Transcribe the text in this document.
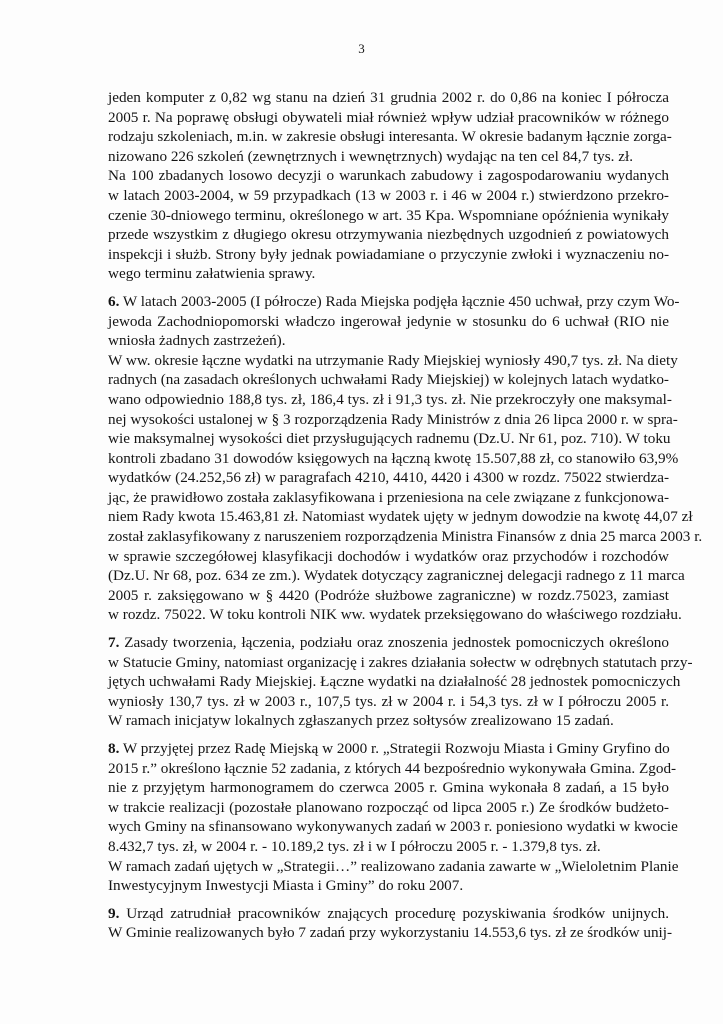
3
jeden komputer z 0,82 wg stanu na dzień 31 grudnia 2002 r. do 0,86 na koniec I półrocza
2005 r. Na poprawę obsługi obywateli miał również wpływ udział pracowników w różnego
rodzaju szkoleniach, m.in. w zakresie obsługi interesanta. W okresie badanym łącznie zorga-
nizowano 226 szkoleń (zewnętrznych i wewnętrznych) wydając na ten cel 84,7 tys. zł.
Na 100 zbadanych losowo decyzji o warunkach zabudowy i zagospodarowaniu wydanych
w latach 2003-2004, w 59 przypadkach (13 w 2003 r. i 46 w 2004 r.) stwierdzono przekro-
czenie 30-dniowego terminu, określonego w art. 35 Kpa. Wspomniane opóźnienia wynikały
przede wszystkim z długiego okresu otrzymywania niezbędnych uzgodnień z powiatowych
inspekcji i służb. Strony były jednak powiadamiane o przyczynie zwłoki i wyznaczeniu no-
wego terminu załatwienia sprawy.
6. W latach 2003-2005 (I półrocze) Rada Miejska podjęła łącznie 450 uchwał, przy czym Wo-
jewoda Zachodniopomorski władczo ingerował jedynie w stosunku do 6 uchwał (RIO nie
wniosła żadnych zastrzeżeń).
W ww. okresie łączne wydatki na utrzymanie Rady Miejskiej wyniosły 490,7 tys. zł. Na diety
radnych (na zasadach określonych uchwałami Rady Miejskiej) w kolejnych latach wydatko-
wano odpowiednio 188,8 tys. zł, 186,4 tys. zł i 91,3 tys. zł. Nie przekroczyły one maksymal-
nej wysokości ustalonej w § 3 rozporządzenia Rady Ministrów z dnia 26 lipca 2000 r. w spra-
wie maksymalnej wysokości diet przysługujących radnemu (Dz.U. Nr 61, poz. 710). W toku
kontroli zbadano 31 dowodów księgowych na łączną kwotę 15.507,88 zł, co stanowiło 63,9%
wydatków (24.252,56 zł) w paragrafach 4210, 4410, 4420 i 4300 w rozdz. 75022 stwierdza-
jąc, że prawidłowo została zaklasyfikowana i przeniesiona na cele związane z funkcjonowa-
niem Rady kwota 15.463,81 zł. Natomiast wydatek ujęty w jednym dowodzie na kwotę 44,07 zł
został zaklasyfikowany z naruszeniem rozporządzenia Ministra Finansów z dnia 25 marca 2003 r.
w sprawie szczegółowej klasyfikacji dochodów i wydatków oraz przychodów i rozchodów
(Dz.U. Nr 68, poz. 634 ze zm.). Wydatek dotyczący zagranicznej delegacji radnego z 11 marca
2005 r. zaksięgowano w § 4420 (Podróże służbowe zagraniczne) w rozdz.75023, zamiast
w rozdz. 75022. W toku kontroli NIK ww. wydatek przeksięgowano do właściwego rozdziału.
7. Zasady tworzenia, łączenia, podziału oraz znoszenia jednostek pomocniczych określono
w Statucie Gminy, natomiast organizację i zakres działania sołectw w odrębnych statutach przy-
jętych uchwałami Rady Miejskiej. Łączne wydatki na działalność 28 jednostek pomocniczych
wyniosły 130,7 tys. zł w 2003 r., 107,5 tys. zł w 2004 r. i 54,3 tys. zł w I półroczu 2005 r.
W ramach inicjatyw lokalnych zgłaszanych przez sołtysów zrealizowano 15 zadań.
8. W przyjętej przez Radę Miejską w 2000 r. „Strategii Rozwoju Miasta i Gminy Gryfino do
2015 r.” określono łącznie 52 zadania, z których 44 bezpośrednio wykonywała Gmina. Zgod-
nie z przyjętym harmonogramem do czerwca 2005 r. Gmina wykonała 8 zadań, a 15 było
w trakcie realizacji (pozostałe planowano rozpocząć od lipca 2005 r.) Ze środków budżeto-
wych Gminy na sfinansowano wykonywanych zadań w 2003 r. poniesiono wydatki w kwocie
8.432,7 tys. zł, w 2004 r. - 10.189,2 tys. zł i w I półroczu 2005 r. - 1.379,8 tys. zł.
W ramach zadań ujętych w „Strategii…” realizowano zadania zawarte w „Wieloletnim Planie
Inwestycyjnym Inwestycji Miasta i Gminy” do roku 2007.
9. Urząd zatrudniał pracowników znających procedurę pozyskiwania środków unijnych.
W Gminie realizowanych było 7 zadań przy wykorzystaniu 14.553,6 tys. zł ze środków unij-
